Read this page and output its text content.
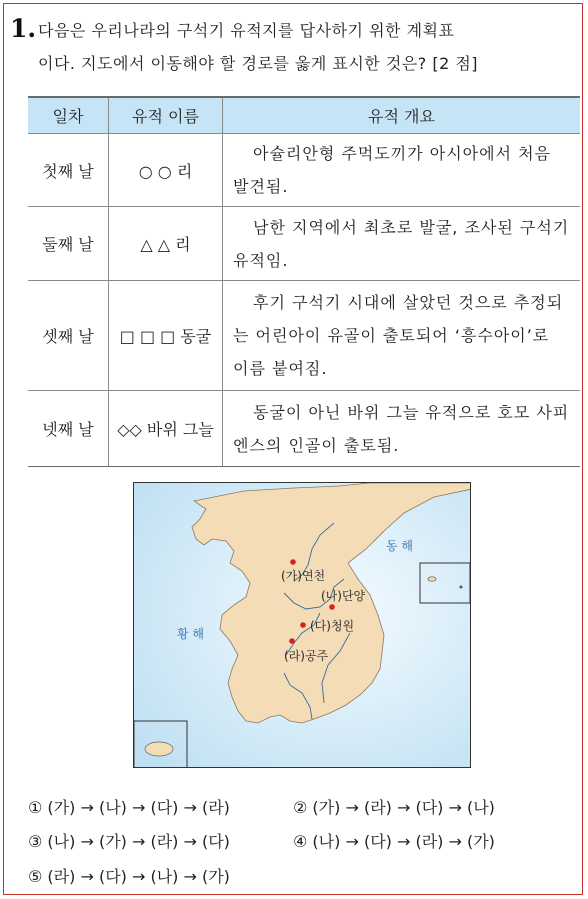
1. 다음은 우리나라의 구석기 유적지를 답사하기 위한 계획표
이다. 지도에서 이동해야 할 경로를 옳게 표시한 것은? [2 점]
일차	유적 이름	유적 개요
첫째 날	○ ○ 리	아슐리안형 주먹도끼가 아시아에서 처음 발견됨.
둘째 날	△ △ 리	남한 지역에서 최초로 발굴, 조사된 구석기 유적임.
셋째 날	□ □ □ 동굴	후기 구석기 시대에 살았던 것으로 추정되는 어린아이 유골이 출토되어 ‘흥수아이’로 이름 붙여짐.
넷째 날	◇◇ 바위 그늘	동굴이 아닌 바위 그늘 유적으로 호모 사피엔스의 인골이 출토됨.
동 해
황 해
(가)연천
(나)단양
(다)청원
(라)공주
① (가) → (나) → (다) → (라)	② (가) → (라) → (다) → (나)
③ (나) → (가) → (라) → (다)	④ (나) → (다) → (라) → (가)
⑤ (라) → (다) → (나) → (가)
